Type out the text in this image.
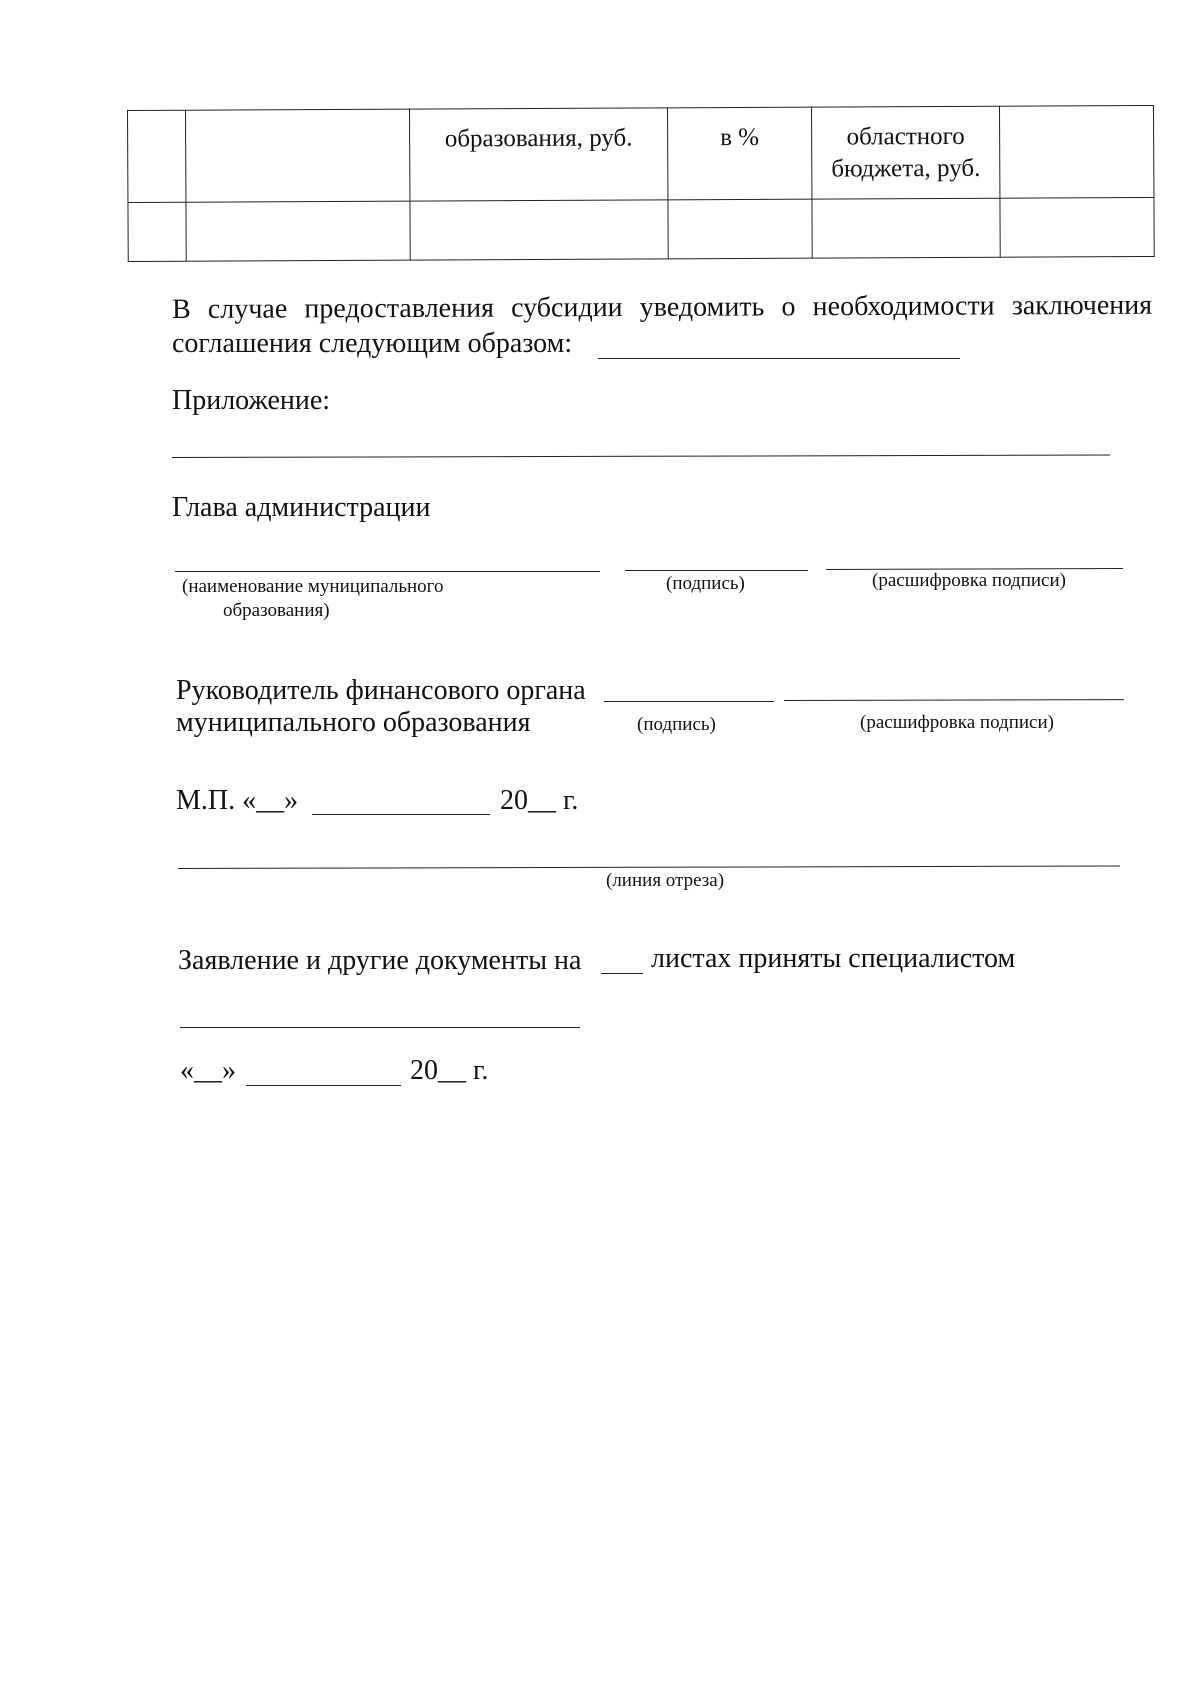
		образования, руб.	в %	областного бюджета, руб.	

В случае предоставления субсидии уведомить о необходимости заключения
соглашения следующим образом:
Приложение:
Глава администрации
(наименование муниципального
образования)
(подпись)	(расшифровка подписи)
Руководитель финансового органа
муниципального образования	(подпись)	(расшифровка подписи)
М.П. «__»	20__ г.
(линия отреза)
Заявление и другие документы на листах приняты специалистом
«__»	20__ г.
